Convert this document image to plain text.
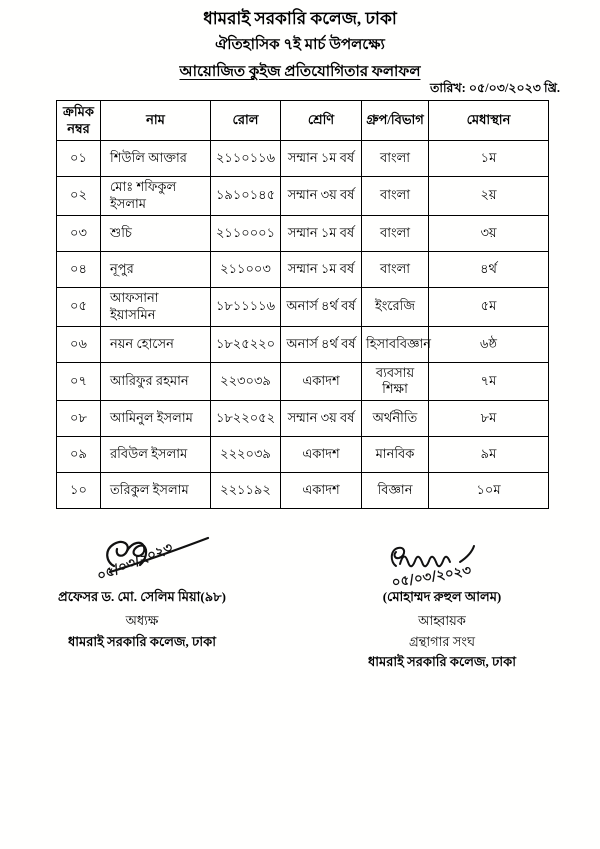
ধামরাই সরকারি কলেজ, ঢাকা
ঐতিহাসিক ৭ই মার্চ উপলক্ষ্যে
আয়োজিত কুইজ প্রতিযোগিতার ফলাফল
তারিখ: ০৫/০৩/২০২৩ খ্রি.
ক্রমিক নম্বর	নাম	রোল	শ্রেণি	গ্রুপ/বিভাগ	মেধাস্থান
০১	শিউলি আক্তার	২১১০১১৬	সম্মান ১ম বর্ষ	বাংলা	১ম
০২	মোঃ শফিকুল ইসলাম	১৯১০১৪৫	সম্মান ৩য় বর্ষ	বাংলা	২য়
০৩	শুচি	২১১০০০১	সম্মান ১ম বর্ষ	বাংলা	৩য়
০৪	নূপুর	২১১০০৩	সম্মান ১ম বর্ষ	বাংলা	৪র্থ
০৫	আফসানা ইয়াসমিন	১৮১১১১৬	অনার্স ৪র্থ বর্ষ	ইংরেজি	৫ম
০৬	নয়ন হোসেন	১৮২৫২২০	অনার্স ৪র্থ বর্ষ	হিসাববিজ্ঞান	৬ষ্ঠ
০৭	আরিফুর রহমান	২২৩০৩৯	একাদশ	ব্যবসায় শিক্ষা	৭ম
০৮	আমিনুল ইসলাম	১৮২২০৫২	সম্মান ৩য় বর্ষ	অর্থনীতি	৮ম
০৯	রবিউল ইসলাম	২২২০৩৯	একাদশ	মানবিক	৯ম
১০	তরিকুল ইসলাম	২২১১৯২	একাদশ	বিজ্ঞান	১০ম
০৫/০৩/২০২৩
প্রফেসর ড. মো. সেলিম মিয়া(৯৮)
অধ্যক্ষ
ধামরাই সরকারি কলেজ, ঢাকা
০৫/০৩/২০২৩
(মোহাম্মদ রুহুল আলম)
আহ্বায়ক
গ্রন্থাগার সংঘ
ধামরাই সরকারি কলেজ, ঢাকা
